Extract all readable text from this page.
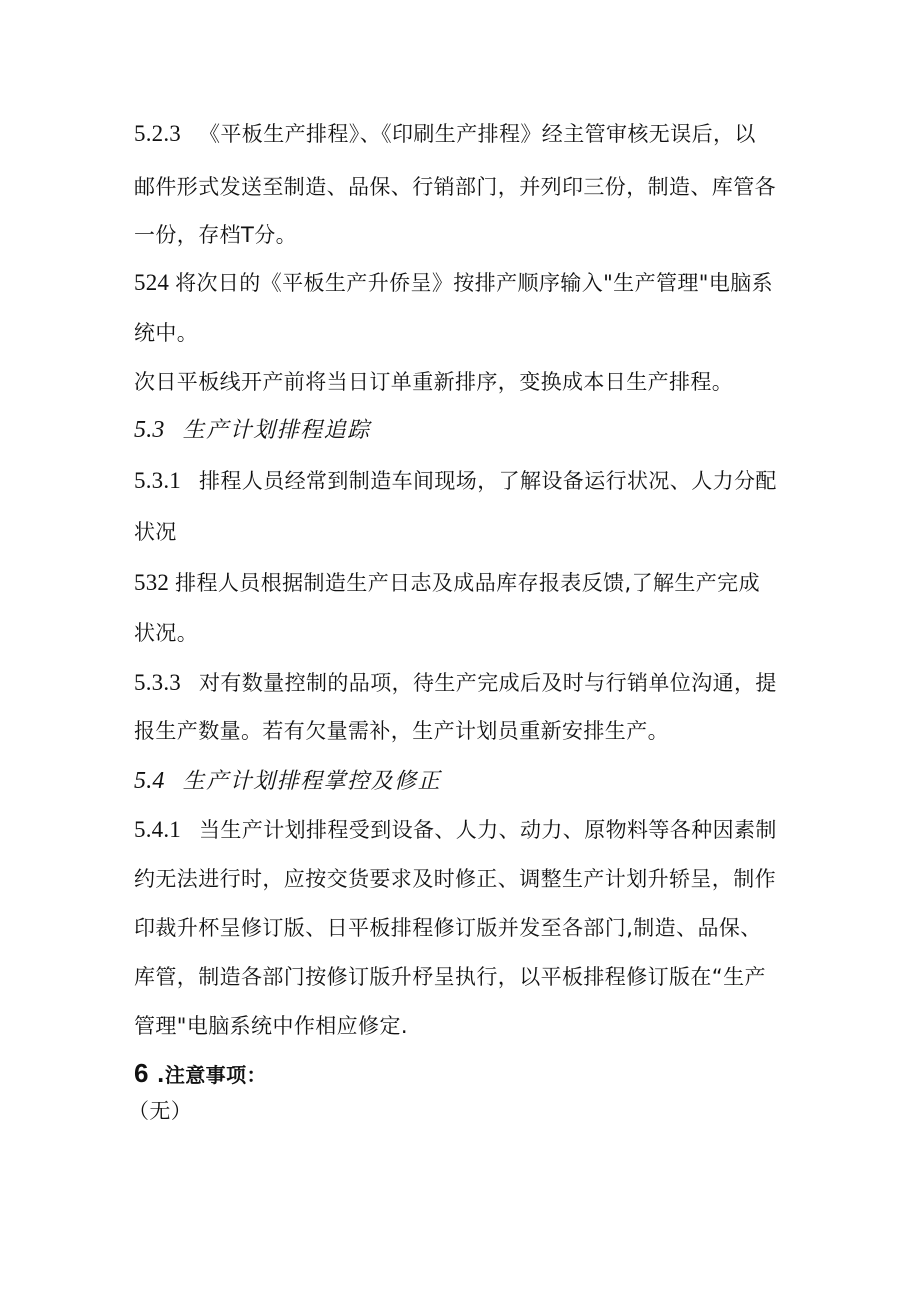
5.2.3 《平板生产排程》、《印刷生产排程》经主管审核无误后，以
邮件形式发送至制造、品保、行销部门，并列印三份，制造、库管各
一份，存档T分。
524 将次日的《平板生产升侨呈》按排产顺序输入"生产管理"电脑系
统中。
次日平板线开产前将当日订单重新排序，变换成本日生产排程。
5.3 生产计划排程追踪
5.3.1 排程人员经常到制造车间现场，了解设备运行状况、人力分配
状况
532 排程人员根据制造生产日志及成品库存报表反馈,了解生产完成
状况。
5.3.3 对有数量控制的品项，待生产完成后及时与行销单位沟通，提
报生产数量。若有欠量需补，生产计划员重新安排生产。
5.4 生产计划排程掌控及修正
5.4.1 当生产计划排程受到设备、人力、动力、原物料等各种因素制
约无法进行时，应按交货要求及时修正、调整生产计划升轿呈，制作
印裁升杯呈修订版、日平板排程修订版并发至各部门,制造、品保、
库管，制造各部门按修订版升杼呈执行，以平板排程修订版在“生产
管理"电脑系统中作相应修定.
6 .注意事项：
（无）
